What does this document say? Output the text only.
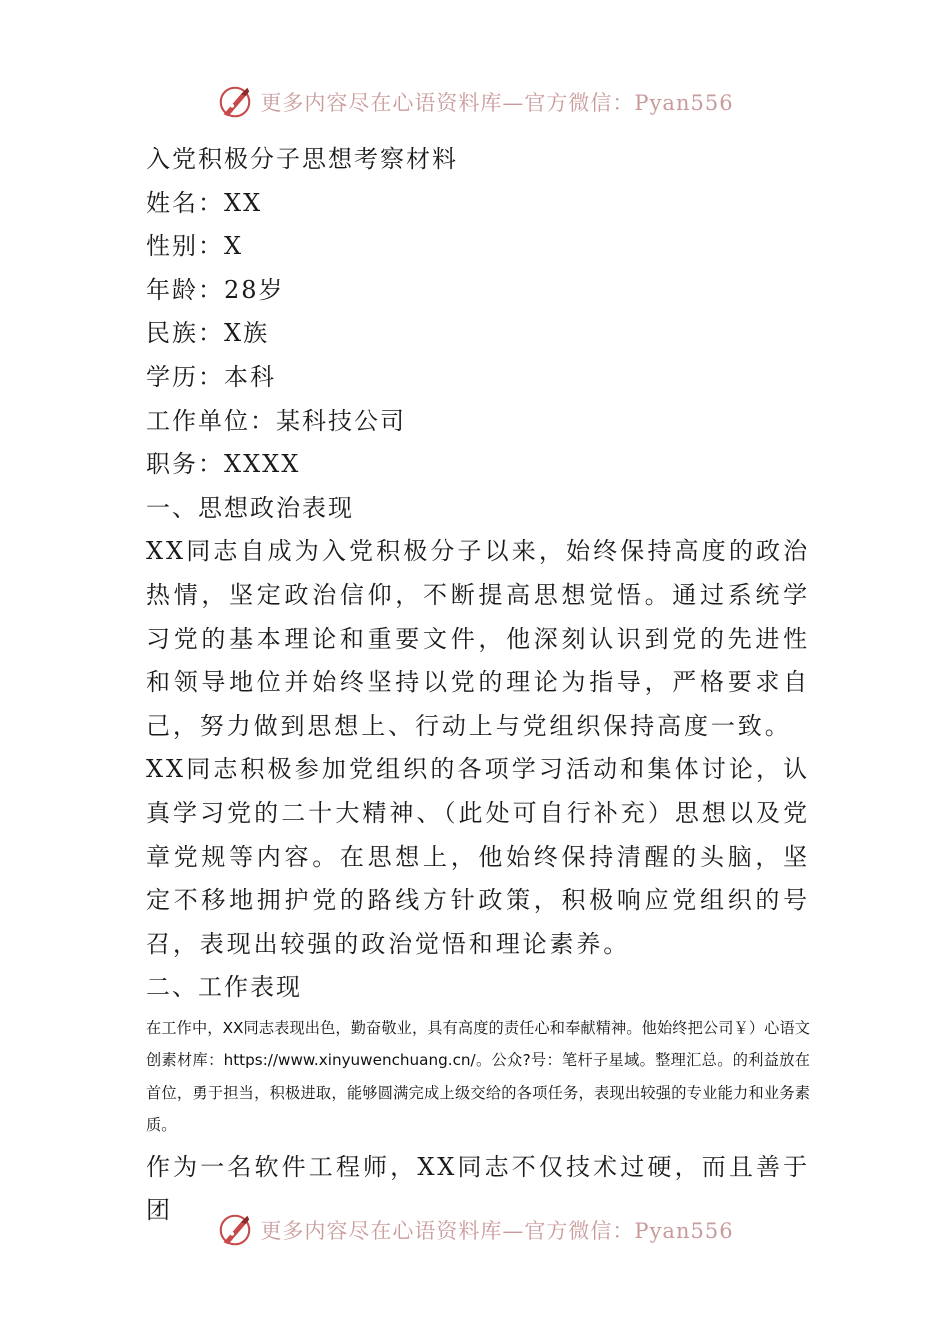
更多内容尽在心语资料库—官方微信：Pyan556
入党积极分子思想考察材料
姓名：XX
性别：X
年龄：28岁
民族：X族
学历：本科
工作单位：某科技公司
职务：XXXX
一、思想政治表现
XX同志自成为入党积极分子以来，始终保持高度的政治热情，坚定政治信仰，不断提高思想觉悟。通过系统学习党的基本理论和重要文件，他深刻认识到党的先进性和领导地位并始终坚持以党的理论为指导，严格要求自己，努力做到思想上、行动上与党组织保持高度一致。
XX同志积极参加党组织的各项学习活动和集体讨论，认真学习党的二十大精神、（此处可自行补充）思想以及党章党规等内容。在思想上，他始终保持清醒的头脑，坚定不移地拥护党的路线方针政策，积极响应党组织的号召，表现出较强的政治觉悟和理论素养。
二、工作表现
在工作中，XX同志表现出色，勤奋敬业，具有高度的责任心和奉献精神。他始终把公司￥）心语文创素材库：https://www.xinyuwenchuang.cn/。公众?号：笔杆子星域。整理汇总。的利益放在首位，勇于担当，积极进取，能够圆满完成上级交给的各项任务，表现出较强的专业能力和业务素质。
作为一名软件工程师，XX同志不仅技术过硬，而且善于团
更多内容尽在心语资料库—官方微信：Pyan556
